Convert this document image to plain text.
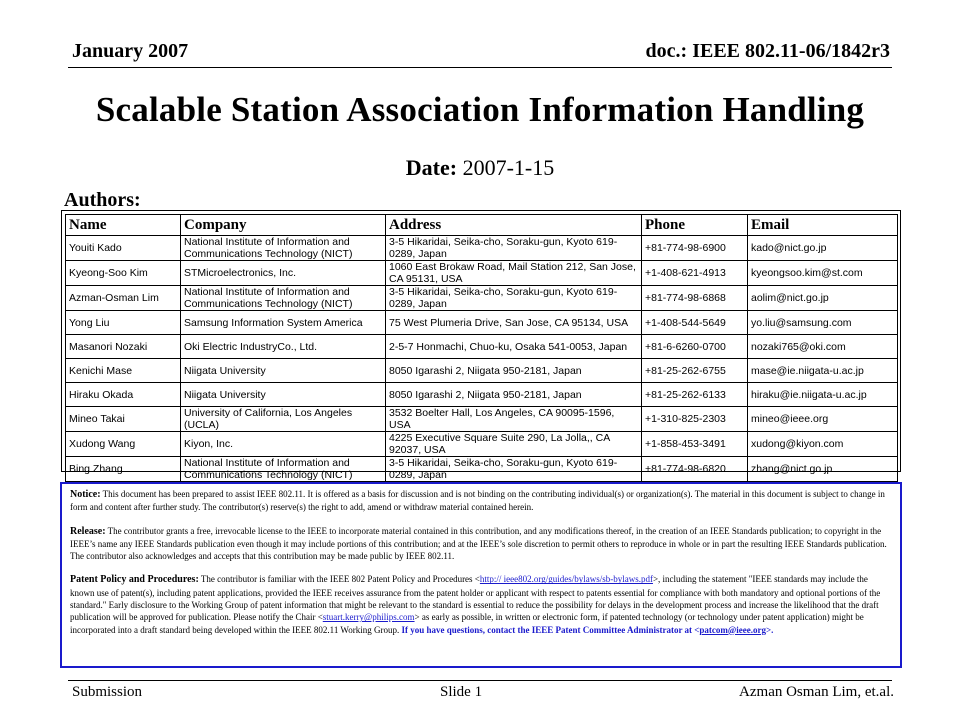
January 2007	doc.: IEEE 802.11-06/1842r3
Scalable Station Association Information Handling
Date: 2007-1-15
Authors:
Name	Company	Address	Phone	Email
Youiti Kado	National Institute of Information and Communications Technology (NICT)	3-5 Hikaridai, Seika-cho, Soraku-gun, Kyoto 619-0289, Japan	+81-774-98-6900	kado@nict.go.jp
Kyeong-Soo Kim	STMicroelectronics, Inc.	1060 East Brokaw Road, Mail Station 212, San Jose, CA 95131, USA	+1-408-621-4913	kyeongsoo.kim@st.com
Azman-Osman Lim	National Institute of Information and Communications Technology (NICT)	3-5 Hikaridai, Seika-cho, Soraku-gun, Kyoto 619-0289, Japan	+81-774-98-6868	aolim@nict.go.jp
Yong Liu	Samsung Information System America	75 West Plumeria Drive, San Jose, CA 95134, USA	+1-408-544-5649	yo.liu@samsung.com
Masanori Nozaki	Oki Electric IndustryCo., Ltd.	2-5-7 Honmachi, Chuo-ku, Osaka 541-0053, Japan	+81-6-6260-0700	nozaki765@oki.com
Kenichi Mase	Niigata University	8050 Igarashi 2, Niigata 950-2181, Japan	+81-25-262-6755	mase@ie.niigata-u.ac.jp
Hiraku Okada	Niigata University	8050 Igarashi 2, Niigata 950-2181, Japan	+81-25-262-6133	hiraku@ie.niigata-u.ac.jp
Mineo Takai	University of California, Los Angeles (UCLA)	3532 Boelter Hall, Los Angeles, CA 90095-1596, USA	+1-310-825-2303	mineo@ieee.org
Xudong Wang	Kiyon, Inc.	4225 Executive Square Suite 290, La Jolla,, CA 92037, USA	+1-858-453-3491	xudong@kiyon.com
Bing Zhang	National Institute of Information and Communications Technology (NICT)	3-5 Hikaridai, Seika-cho, Soraku-gun, Kyoto 619-0289, Japan	+81-774-98-6820	zhang@nict.go.jp

Notice: This document has been prepared to assist IEEE 802.11. It is offered as a basis for discussion and is not binding on the contributing individual(s) or organization(s). The material in this document is subject to change in form and content after further study. The contributor(s) reserve(s) the right to add, amend or withdraw material contained herein.

Release: The contributor grants a free, irrevocable license to the IEEE to incorporate material contained in this contribution, and any modifications thereof, in the creation of an IEEE Standards publication; to copyright in the IEEE’s name any IEEE Standards publication even though it may include portions of this contribution; and at the IEEE’s sole discretion to permit others to reproduce in whole or in part the resulting IEEE Standards publication. The contributor also acknowledges and accepts that this contribution may be made public by IEEE 802.11.

Patent Policy and Procedures: The contributor is familiar with the IEEE 802 Patent Policy and Procedures <http:// ieee802.org/guides/bylaws/sb-bylaws.pdf>, including the statement "IEEE standards may include the known use of patent(s), including patent applications, provided the IEEE receives assurance from the patent holder or applicant with respect to patents essential for compliance with both mandatory and optional portions of the standard." Early disclosure to the Working Group of patent information that might be relevant to the standard is essential to reduce the possibility for delays in the development process and increase the likelihood that the draft publication will be approved for publication. Please notify the Chair <stuart.kerry@philips.com> as early as possible, in written or electronic form, if patented technology (or technology under patent application) might be incorporated into a draft standard being developed within the IEEE 802.11 Working Group. If you have questions, contact the IEEE Patent Committee Administrator at <patcom@ieee.org>.

Submission	Slide 1	Azman Osman Lim, et.al.
